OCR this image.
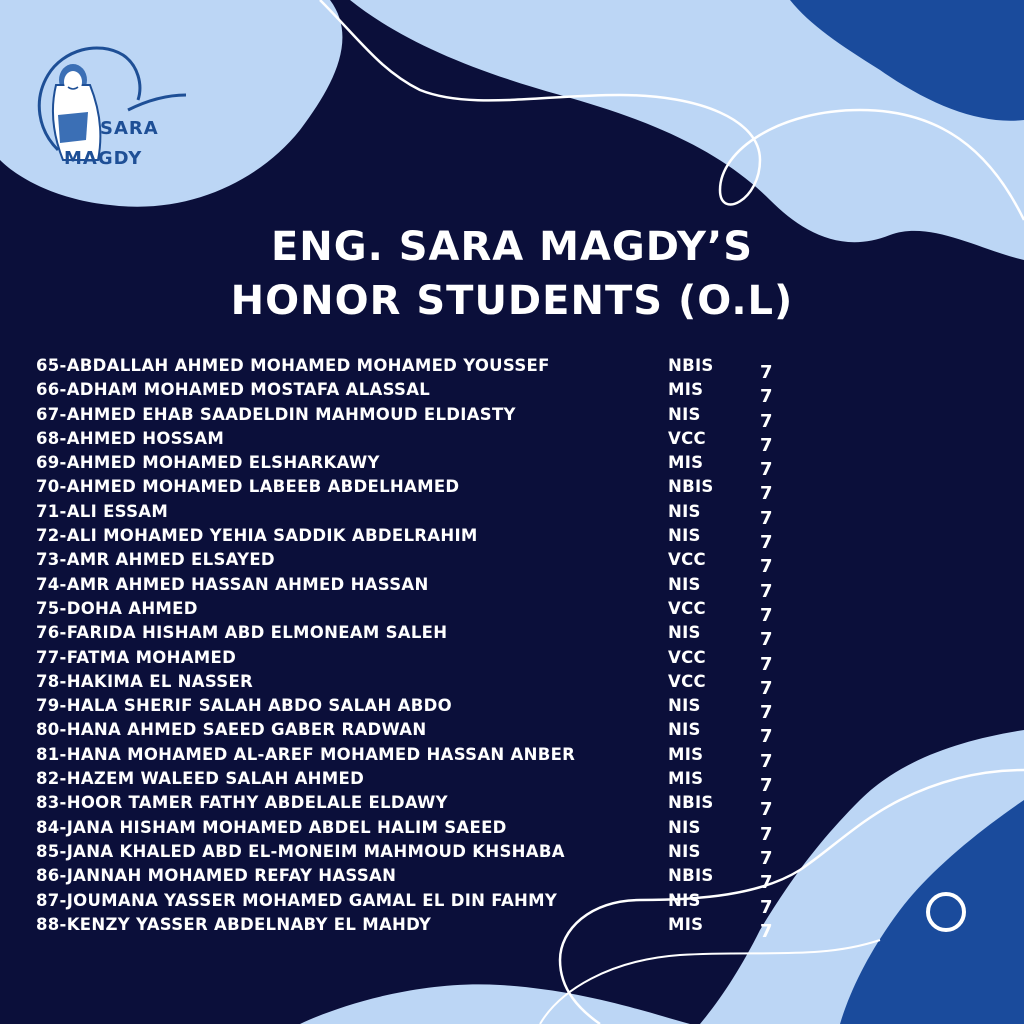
SARA
MAGDY
ENG. SARA MAGDY’S
HONOR STUDENTS (O.L)
65-ABDALLAH AHMED MOHAMED MOHAMED YOUSSEF	NBIS	7
66-ADHAM MOHAMED MOSTAFA ALASSAL	MIS	7
67-AHMED EHAB SAADELDIN MAHMOUD ELDIASTY	NIS	7
68-AHMED HOSSAM	VCC	7
69-AHMED MOHAMED ELSHARKAWY	MIS	7
70-AHMED MOHAMED LABEEB ABDELHAMED	NBIS	7
71-ALI ESSAM	NIS	7
72-ALI MOHAMED YEHIA SADDIK ABDELRAHIM	NIS	7
73-AMR AHMED ELSAYED	VCC	7
74-AMR AHMED HASSAN AHMED HASSAN	NIS	7
75-DOHA AHMED	VCC	7
76-FARIDA HISHAM ABD ELMONEAM SALEH	NIS	7
77-FATMA MOHAMED	VCC	7
78-HAKIMA EL NASSER	VCC	7
79-HALA SHERIF SALAH ABDO SALAH ABDO	NIS	7
80-HANA AHMED SAEED GABER RADWAN	NIS	7
81-HANA MOHAMED AL-AREF MOHAMED HASSAN ANBER	MIS	7
82-HAZEM WALEED SALAH AHMED	MIS	7
83-HOOR TAMER FATHY ABDELALE ELDAWY	NBIS	7
84-JANA HISHAM MOHAMED ABDEL HALIM SAEED	NIS	7
85-JANA KHALED ABD EL-MONEIM MAHMOUD KHSHABA	NIS	7
86-JANNAH MOHAMED REFAY HASSAN	NBIS	7
87-JOUMANA YASSER MOHAMED GAMAL EL DIN FAHMY	NIS	7
88-KENZY YASSER ABDELNABY EL MAHDY	MIS	7
